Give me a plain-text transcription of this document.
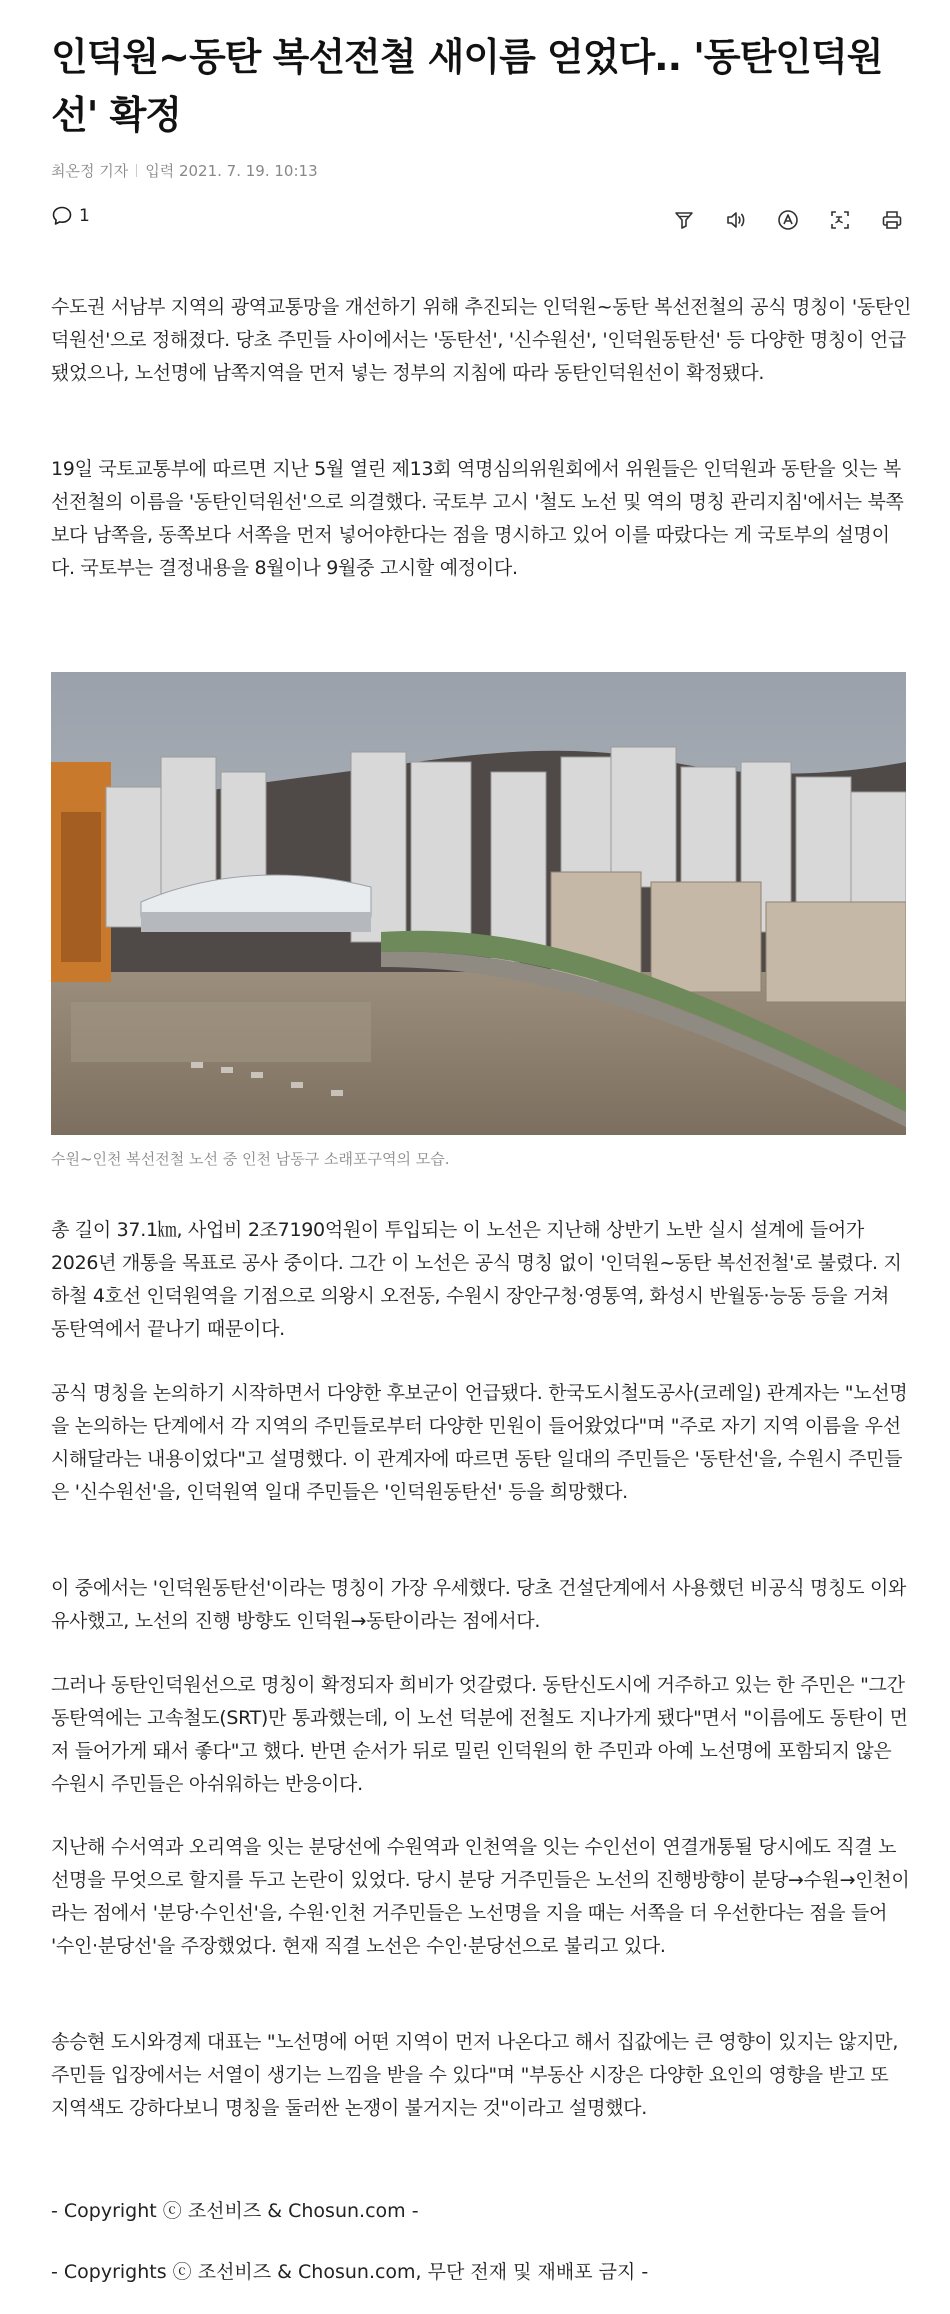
인덕원~동탄 복선전철 새이름 얻었다.. '동탄인덕원선' 확정
최온정 기자 입력 2021. 7. 19. 10:13
1

수도권 서남부 지역의 광역교통망을 개선하기 위해 추진되는 인덕원~동탄 복선전철의 공식 명칭이 '동탄인덕원선'으로 정해졌다. 당초 주민들 사이에서는 '동탄선', '신수원선', '인덕원동탄선' 등 다양한 명칭이 언급됐었으나, 노선명에 남쪽지역을 먼저 넣는 정부의 지침에 따라 동탄인덕원선이 확정됐다.

19일 국토교통부에 따르면 지난 5월 열린 제13회 역명심의위원회에서 위원들은 인덕원과 동탄을 잇는 복선전철의 이름을 '동탄인덕원선'으로 의결했다. 국토부 고시 '철도 노선 및 역의 명칭 관리지침'에서는 북쪽보다 남쪽을, 동쪽보다 서쪽을 먼저 넣어야한다는 점을 명시하고 있어 이를 따랐다는 게 국토부의 설명이다. 국토부는 결정내용을 8월이나 9월중 고시할 예정이다.

수원~인천 복선전철 노선 중 인천 남동구 소래포구역의 모습.

총 길이 37.1㎞, 사업비 2조7190억원이 투입되는 이 노선은 지난해 상반기 노반 실시 설계에 들어가 2026년 개통을 목표로 공사 중이다. 그간 이 노선은 공식 명칭 없이 '인덕원~동탄 복선전철'로 불렸다. 지하철 4호선 인덕원역을 기점으로 의왕시 오전동, 수원시 장안구청·영통역, 화성시 반월동·능동 등을 거쳐 동탄역에서 끝나기 때문이다.

공식 명칭을 논의하기 시작하면서 다양한 후보군이 언급됐다. 한국도시철도공사(코레일) 관계자는 "노선명을 논의하는 단계에서 각 지역의 주민들로부터 다양한 민원이 들어왔었다"며 "주로 자기 지역 이름을 우선시해달라는 내용이었다"고 설명했다. 이 관계자에 따르면 동탄 일대의 주민들은 '동탄선'을, 수원시 주민들은 '신수원선'을, 인덕원역 일대 주민들은 '인덕원동탄선' 등을 희망했다.

이 중에서는 '인덕원동탄선'이라는 명칭이 가장 우세했다. 당초 건설단계에서 사용했던 비공식 명칭도 이와 유사했고, 노선의 진행 방향도 인덕원→동탄이라는 점에서다.

그러나 동탄인덕원선으로 명칭이 확정되자 희비가 엇갈렸다. 동탄신도시에 거주하고 있는 한 주민은 "그간 동탄역에는 고속철도(SRT)만 통과했는데, 이 노선 덕분에 전철도 지나가게 됐다"면서 "이름에도 동탄이 먼저 들어가게 돼서 좋다"고 했다. 반면 순서가 뒤로 밀린 인덕원의 한 주민과 아예 노선명에 포함되지 않은 수원시 주민들은 아쉬워하는 반응이다.

지난해 수서역과 오리역을 잇는 분당선에 수원역과 인천역을 잇는 수인선이 연결개통될 당시에도 직결 노선명을 무엇으로 할지를 두고 논란이 있었다. 당시 분당 거주민들은 노선의 진행방향이 분당→수원→인천이라는 점에서 '분당·수인선'을, 수원·인천 거주민들은 노선명을 지을 때는 서쪽을 더 우선한다는 점을 들어 '수인·분당선'을 주장했었다. 현재 직결 노선은 수인·분당선으로 불리고 있다.

송승현 도시와경제 대표는 "노선명에 어떤 지역이 먼저 나온다고 해서 집값에는 큰 영향이 있지는 않지만, 주민들 입장에서는 서열이 생기는 느낌을 받을 수 있다"며 "부동산 시장은 다양한 요인의 영향을 받고 또 지역색도 강하다보니 명칭을 둘러싼 논쟁이 불거지는 것"이라고 설명했다.

- Copyright ⓒ 조선비즈 & Chosun.com -
- Copyrights ⓒ 조선비즈 & Chosun.com, 무단 전재 및 재배포 금지 -
